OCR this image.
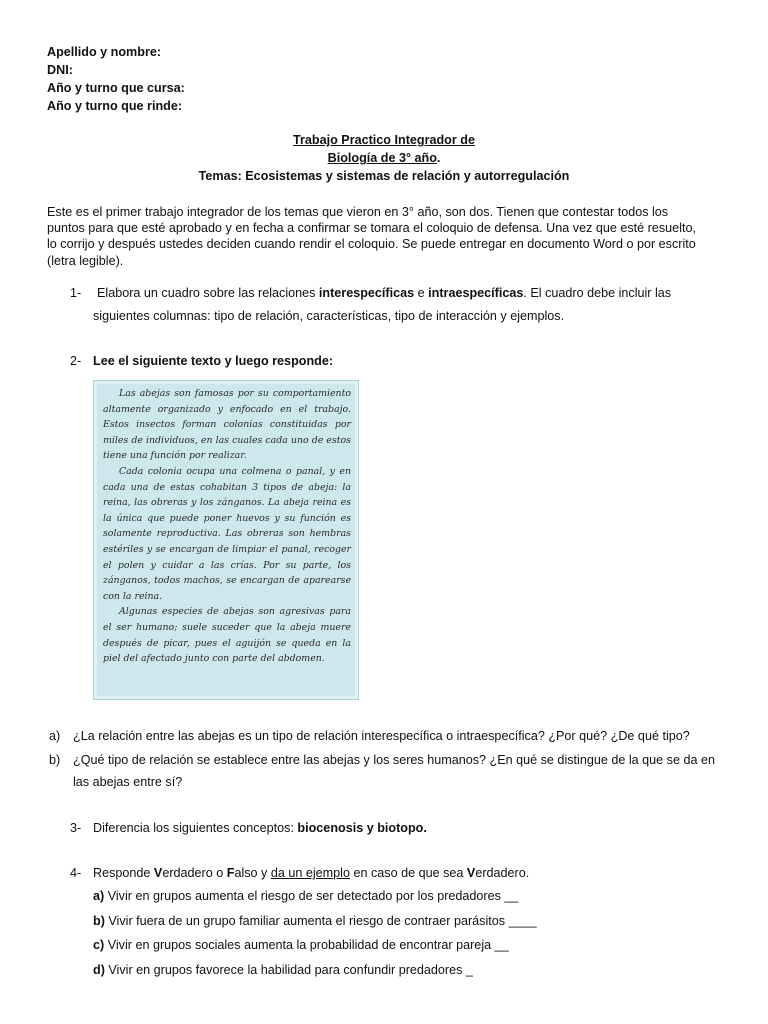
Apellido y nombre:
DNI:
Año y turno que cursa:
Año y turno que rinde:
Trabajo Practico Integrador de
Biología de 3° año.
Temas: Ecosistemas y sistemas de relación y autorregulación
Este es el primer trabajo integrador de los temas que vieron en 3° año, son dos. Tienen que contestar todos los
puntos para que esté aprobado y en fecha a confirmar se tomara el coloquio de defensa. Una vez que esté resuelto,
lo corrijo y después ustedes deciden cuando rendir el coloquio. Se puede entregar en documento Word o por escrito
(letra legible).
1- Elabora un cuadro sobre las relaciones interespecíficas e intraespecíficas. El cuadro debe incluir las
siguientes columnas: tipo de relación, características, tipo de interacción y ejemplos.
2- Lee el siguiente texto y luego responde:

Las abejas son famosas por su comportamiento altamente organizado y enfocado en el trabajo. Estos insectos forman colonias constituidas por miles de individuos, en las cuales cada uno de estos tiene una función por realizar.

Cada colonia ocupa una colmena o panal, y en cada una de estas cohabitan 3 tipos de abeja: la reina, las obreras y los zánganos. La abeja reina es la única que puede poner huevos y su función es solamente reproductiva. Las obreras son hembras estériles y se encargan de limpiar el panal, recoger el polen y cuidar a las crías. Por su parte, los zánganos, todos machos, se encargan de aparearse con la reina.

Algunas especies de abejas son agresivas para el ser humano; suele suceder que la abeja muere después de picar, pues el aguijón se queda en la piel del afectado junto con parte del abdomen.

a) ¿La relación entre las abejas es un tipo de relación interespecífica o intraespecífica? ¿Por qué? ¿De qué tipo?
b) ¿Qué tipo de relación se establece entre las abejas y los seres humanos? ¿En qué se distingue de la que se da en
las abejas entre sí?
3- Diferencia los siguientes conceptos: biocenosis y biotopo.
4- Responde Verdadero o Falso y da un ejemplo en caso de que sea Verdadero.
a) Vivir en grupos aumenta el riesgo de ser detectado por los predadores __
b) Vivir fuera de un grupo familiar aumenta el riesgo de contraer parásitos ____
c) Vivir en grupos sociales aumenta la probabilidad de encontrar pareja __
d) Vivir en grupos favorece la habilidad para confundir predadores _
